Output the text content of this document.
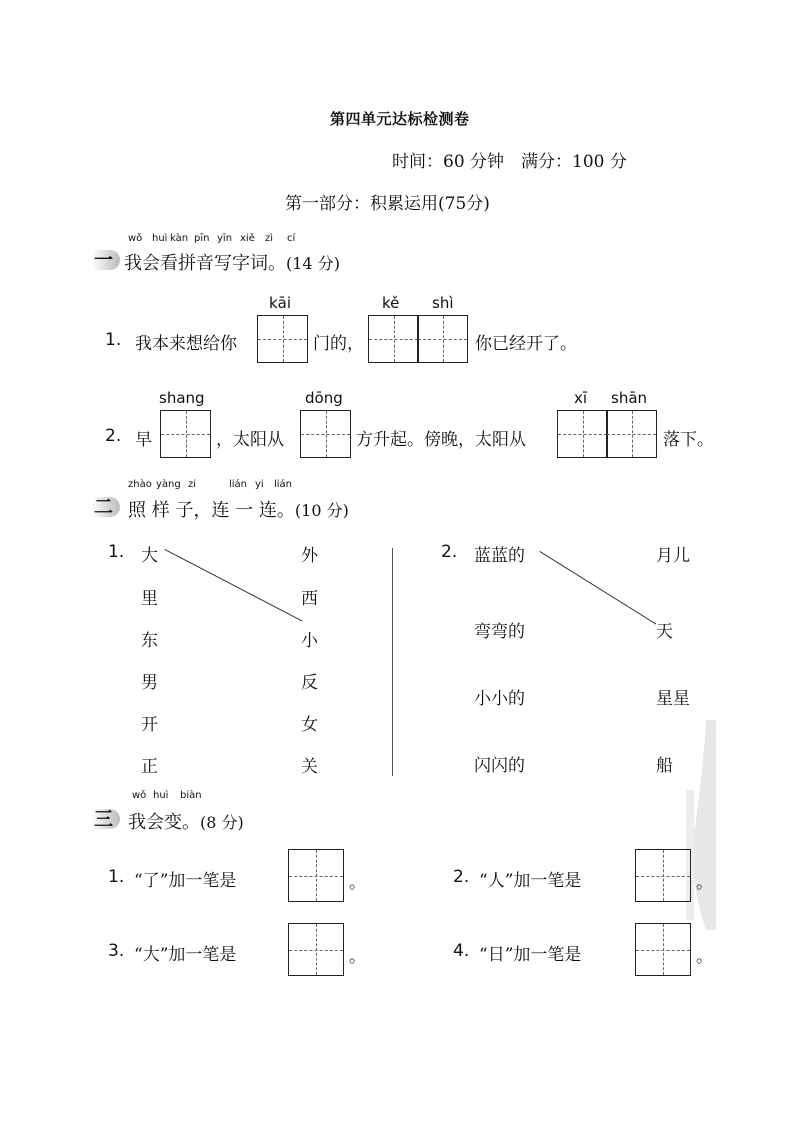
第四单元达标检测卷
时间：60 分钟　满分：100 分
第一部分：积累运用(75分)
wǒ huì kàn pīn yīn xiě zì cí
一 我会看拼音写字词。(14 分)
1. 我本来想给你
kāi
门的，
kě shì
你已经开了。
2. 早
shang
，太阳从
dōng
方升起。傍晚，太阳从
xī shān
落下。
zhào yàng zi	lián yi lián
二 照 样 子，连 一 连。(10 分)
1. 大
里
东
男
开
正
外
西
小
反
女
关
2. 蓝蓝的
弯弯的
小小的
闪闪的
月儿
天
星星
船
wǒ huì biàn
三 我会变。(8 分)
1. “了”加一笔是	。	2. “人”加一笔是	。
3. “大”加一笔是	。	4. “日”加一笔是	。
